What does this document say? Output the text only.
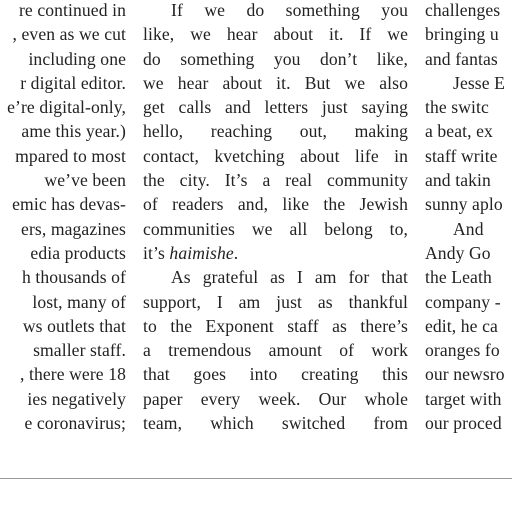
re continued in
, even as we cut
including one
r digital editor.
e’re digital-only,
ame this year.)
mpared to most
we’ve been
emic has devas-
ers, magazines
edia products
h thousands of
lost, many of
ws outlets that
smaller staff.
, there were 18
ies negatively
e coronavirus;
If we do something you
like, we hear about it. If we
do something you don’t like,
we hear about it. But we also
get calls and letters just saying
hello, reaching out, making
contact, kvetching about life in
the city. It’s a real community
of readers and, like the Jewish
communities we all belong to,
it’s haimishe.
As grateful as I am for that
support, I am just as thankful
to the Exponent staff as there’s
a tremendous amount of work
that goes into creating this
paper every week. Our whole
team, which switched from
challenges
bringing u
and fantas
Jesse E
the switc
a beat, ex
staff write
and takin
sunny aplo
And
Andy Go
the Leath
company -
edit, he ca
oranges fo
our newsro
target with
our proced
